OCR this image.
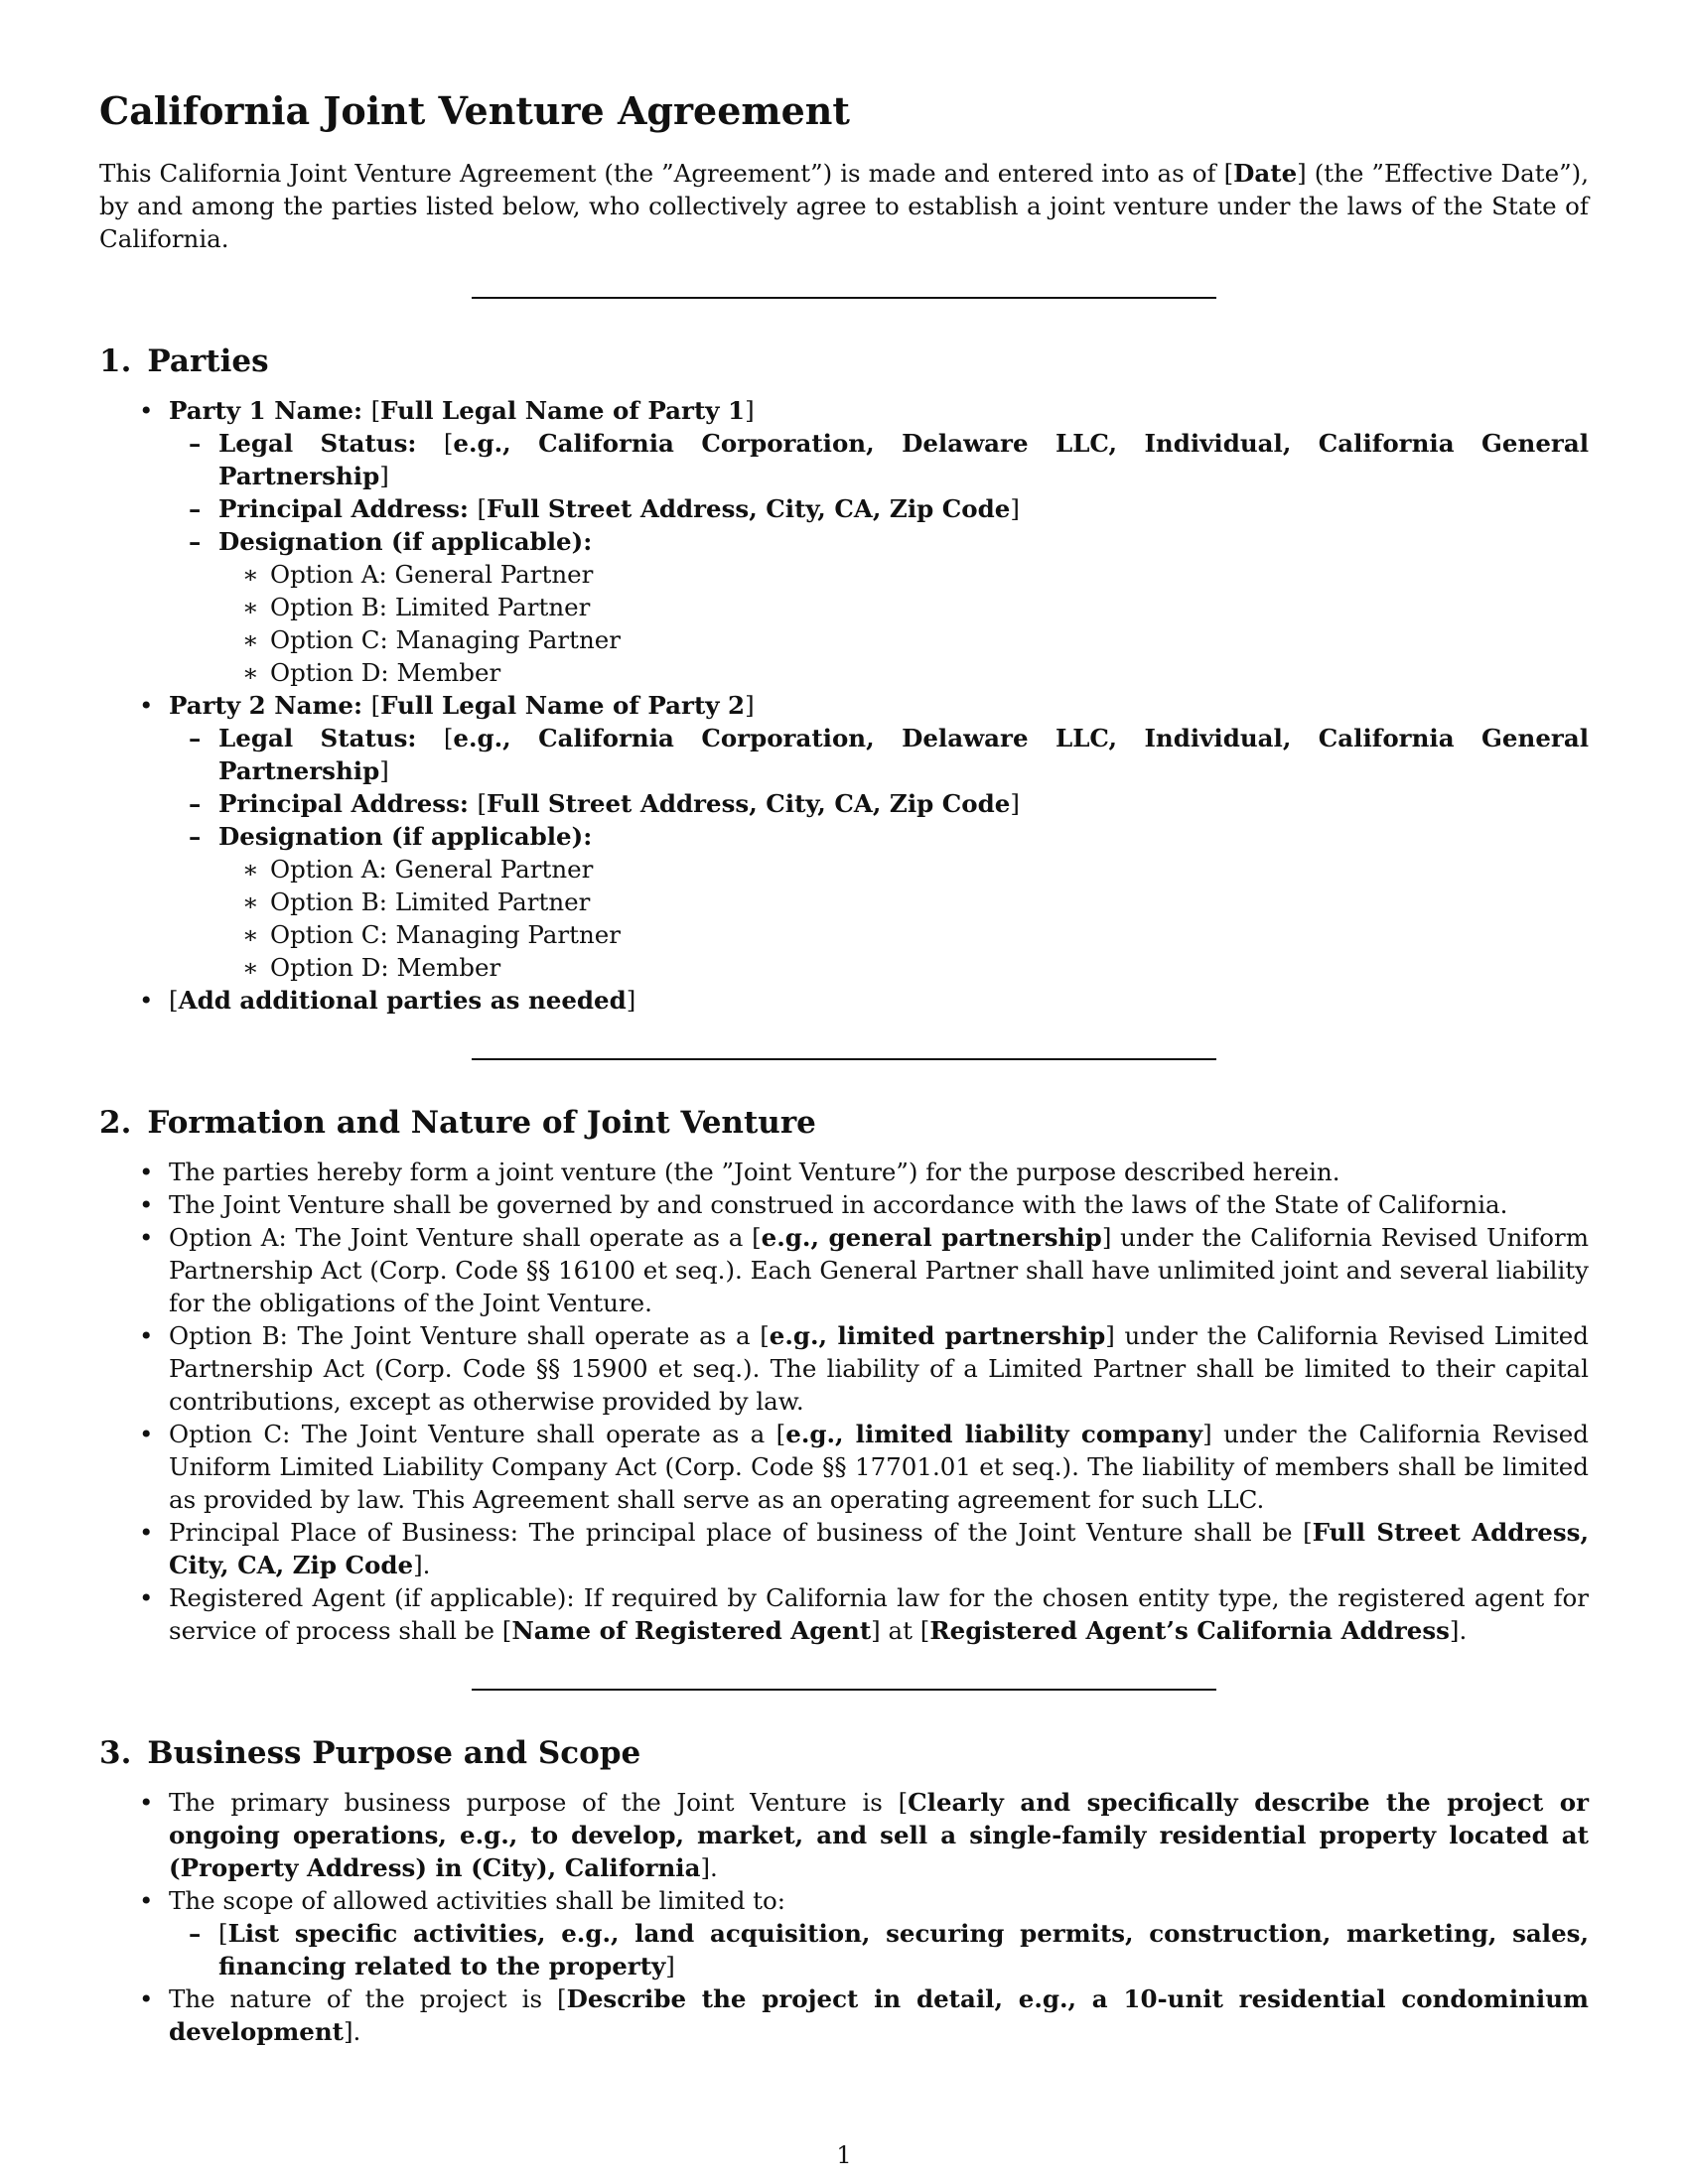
California Joint Venture Agreement

This California Joint Venture Agreement (the ”Agreement”) is made and entered into as of [Date] (the ”Effective Date”), by and among the parties listed below, who collectively agree to establish a joint venture under the laws of the State of California.

1. Parties
• Party 1 Name: [Full Legal Name of Party 1]
– Legal Status: [e.g., California Corporation, Delaware LLC, Individual, California General Partnership]
– Principal Address: [Full Street Address, City, CA, Zip Code]
– Designation (if applicable):
∗ Option A: General Partner
∗ Option B: Limited Partner
∗ Option C: Managing Partner
∗ Option D: Member
• Party 2 Name: [Full Legal Name of Party 2]
– Legal Status: [e.g., California Corporation, Delaware LLC, Individual, California General Partnership]
– Principal Address: [Full Street Address, City, CA, Zip Code]
– Designation (if applicable):
∗ Option A: General Partner
∗ Option B: Limited Partner
∗ Option C: Managing Partner
∗ Option D: Member
• [Add additional parties as needed]
2. Formation and Nature of Joint Venture
• The parties hereby form a joint venture (the ”Joint Venture”) for the purpose described herein.
• The Joint Venture shall be governed by and construed in accordance with the laws of the State of California.
• Option A: The Joint Venture shall operate as a [e.g., general partnership] under the California Revised Uniform Partnership Act (Corp. Code §§ 16100 et seq.). Each General Partner shall have unlimited joint and several liability for the obligations of the Joint Venture.
• Option B: The Joint Venture shall operate as a [e.g., limited partnership] under the California Revised Limited Partnership Act (Corp. Code §§ 15900 et seq.). The liability of a Limited Partner shall be limited to their capital contributions, except as otherwise provided by law.
• Option C: The Joint Venture shall operate as a [e.g., limited liability company] under the California Revised Uniform Limited Liability Company Act (Corp. Code §§ 17701.01 et seq.). The liability of members shall be limited as provided by law. This Agreement shall serve as an operating agreement for such LLC.
• Principal Place of Business: The principal place of business of the Joint Venture shall be [Full Street Address, City, CA, Zip Code].
• Registered Agent (if applicable): If required by California law for the chosen entity type, the registered agent for service of process shall be [Name of Registered Agent] at [Registered Agent’s California Address].
3. Business Purpose and Scope
• The primary business purpose of the Joint Venture is [Clearly and specifically describe the project or ongoing operations, e.g., to develop, market, and sell a single-family residential property located at (Property Address) in (City), California].
• The scope of allowed activities shall be limited to:
– [List specific activities, e.g., land acquisition, securing permits, construction, marketing, sales, financing related to the property]
• The nature of the project is [Describe the project in detail, e.g., a 10-unit residential condominium development].
1
